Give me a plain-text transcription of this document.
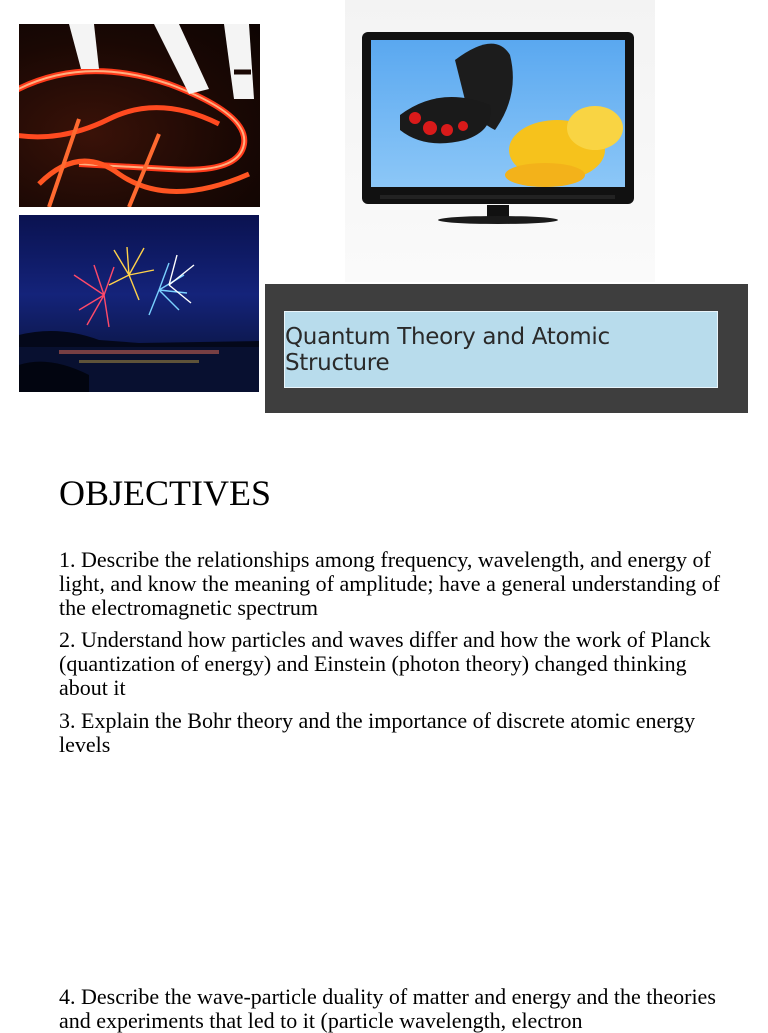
Quantum Theory and Atomic Structure
OBJECTIVES

1. Describe the relationships among frequency, wavelength, and energy of light, and know the meaning of amplitude; have a general understanding of the electromagnetic spectrum

2. Understand how particles and waves differ and how the work of Planck (quantization of energy) and Einstein (photon theory) changed thinking about it

3. Explain the Bohr theory and the importance of discrete atomic energy levels

4. Describe the wave-particle duality of matter and energy and the theories and experiments that led to it (particle wavelength, electron
